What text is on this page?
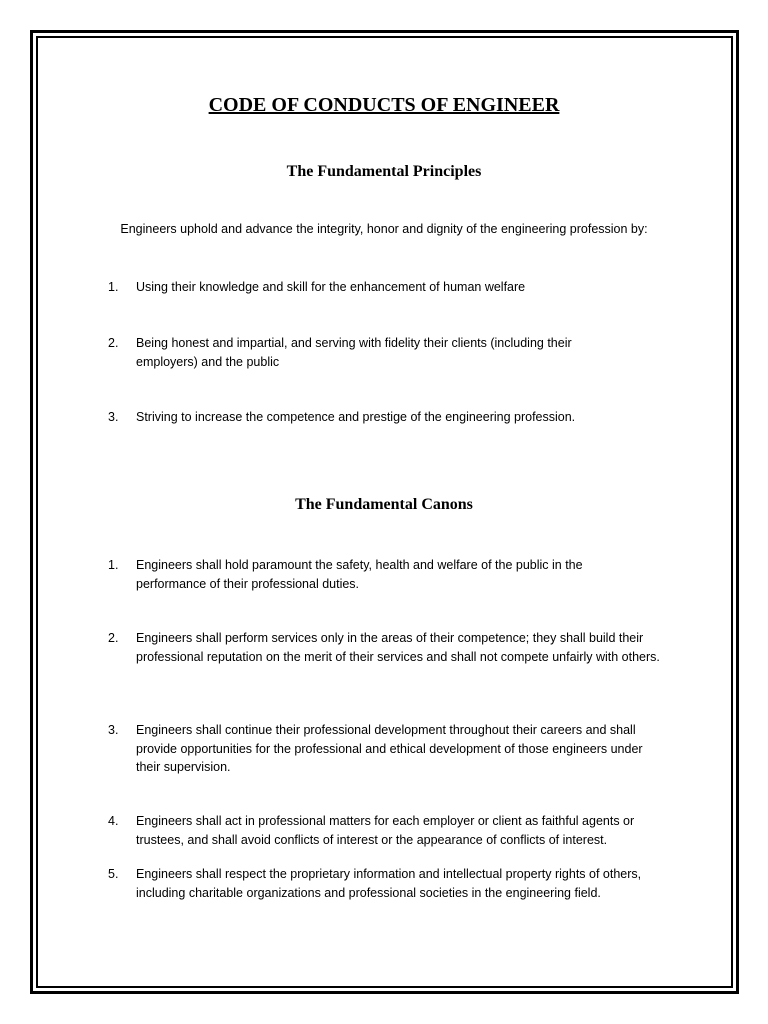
CODE OF CONDUCTS OF ENGINEER
The Fundamental Principles

Engineers uphold and advance the integrity, honor and dignity of the engineering profession by:

1.	Using their knowledge and skill for the enhancement of human welfare
2.	Being honest and impartial, and serving with fidelity their clients (including their employers) and the public
3.	Striving to increase the competence and prestige of the engineering profession.
The Fundamental Canons
1.	Engineers shall hold paramount the safety, health and welfare of the public in the performance of their professional duties.
2.	Engineers shall perform services only in the areas of their competence; they shall build their professional reputation on the merit of their services and shall not compete unfairly with others.
3.	Engineers shall continue their professional development throughout their careers and shall provide opportunities for the professional and ethical development of those engineers under their supervision.
4.	Engineers shall act in professional matters for each employer or client as faithful agents or trustees, and shall avoid conflicts of interest or the appearance of conflicts of interest.
5.	Engineers shall respect the proprietary information and intellectual property rights of others, including charitable organizations and professional societies in the engineering field.
